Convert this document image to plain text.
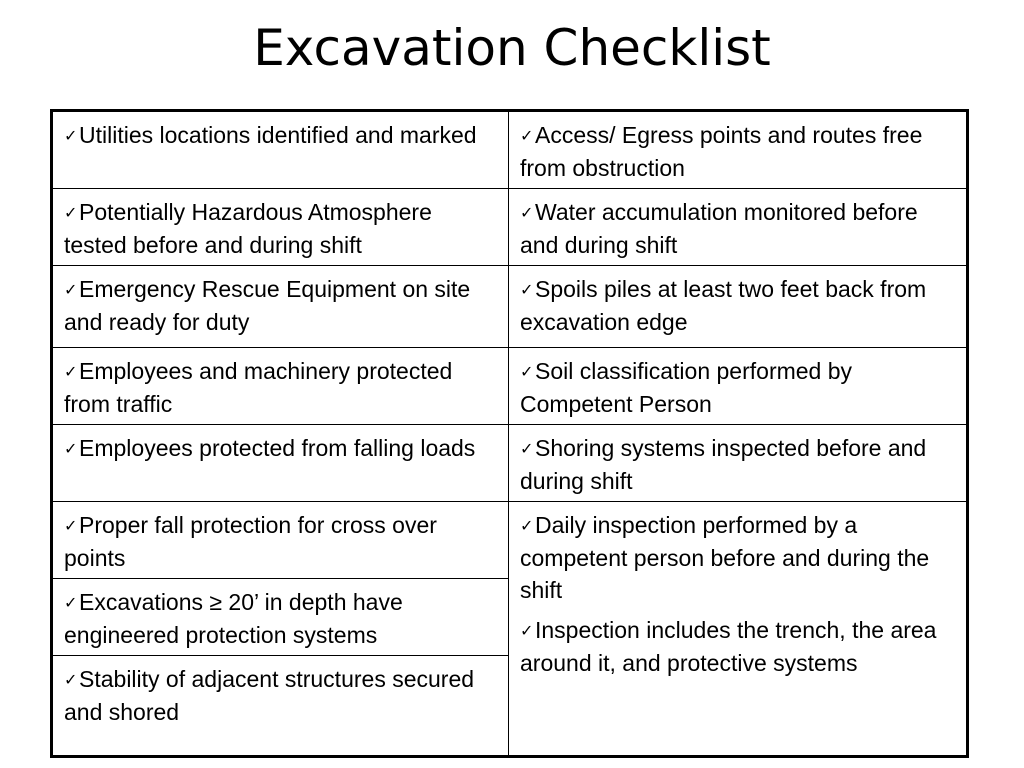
Excavation Checklist
✓Utilities locations identified and marked	✓Access/ Egress points and routes free from obstruction

✓Potentially Hazardous Atmosphere tested before and during shift	✓Water accumulation monitored before and during shift

✓Emergency Rescue Equipment on site and ready for duty	✓Spoils piles at least two feet back from excavation edge

✓Employees and machinery protected from traffic	✓Soil classification performed by Competent Person

✓Employees protected from falling loads	✓Shoring systems inspected before and during shift

✓Proper fall protection for cross over points	✓Daily inspection performed by a competent person before and during the shift
✓Inspection includes the trench, the area around it, and protective systems

✓Excavations ≥ 20’ in depth have engineered protection systems	

✓Stability of adjacent structures secured and shored	
